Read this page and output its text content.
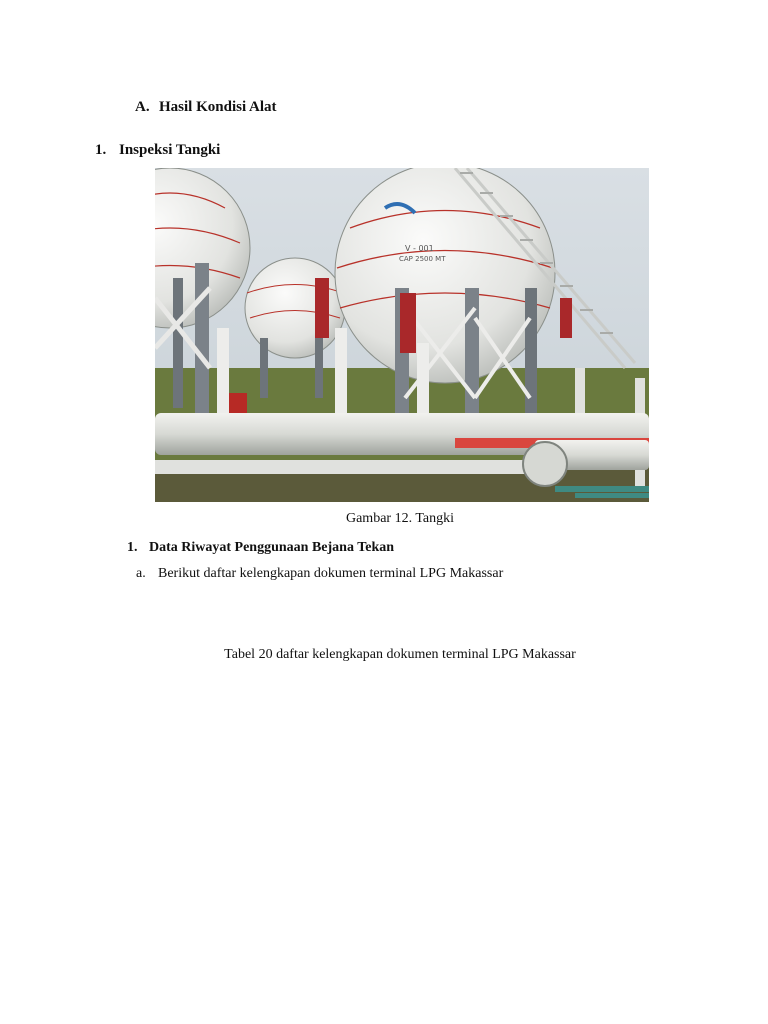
A. Hasil Kondisi Alat
1. Inspeksi Tangki
V - 001
CAP 2500 MT
Gambar 12. Tangki
1. Data Riwayat Penggunaan Bejana Tekan
a. Berikut daftar kelengkapan dokumen terminal LPG Makassar
Tabel 20 daftar kelengkapan dokumen terminal LPG Makassar
